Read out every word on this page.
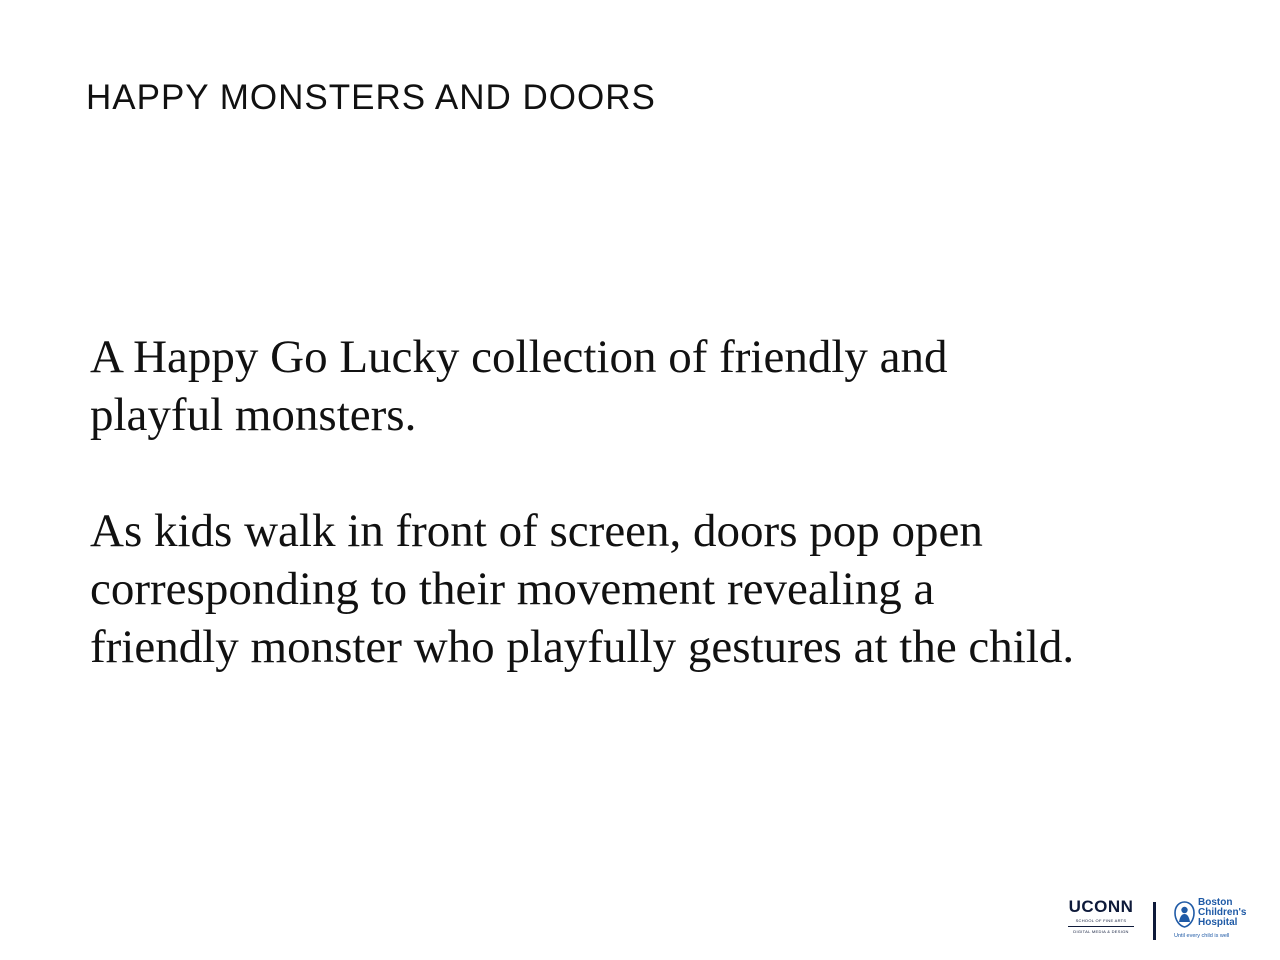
HAPPY MONSTERS AND DOORS

A Happy Go Lucky collection of friendly and
playful monsters.

As kids walk in front of screen, doors pop open
corresponding to their movement revealing a
friendly monster who playfully gestures at the child.

UCONN
SCHOOL OF FINE ARTS
DIGITAL MEDIA & DESIGN
Boston
Children's
Hospital
Until every child is well
